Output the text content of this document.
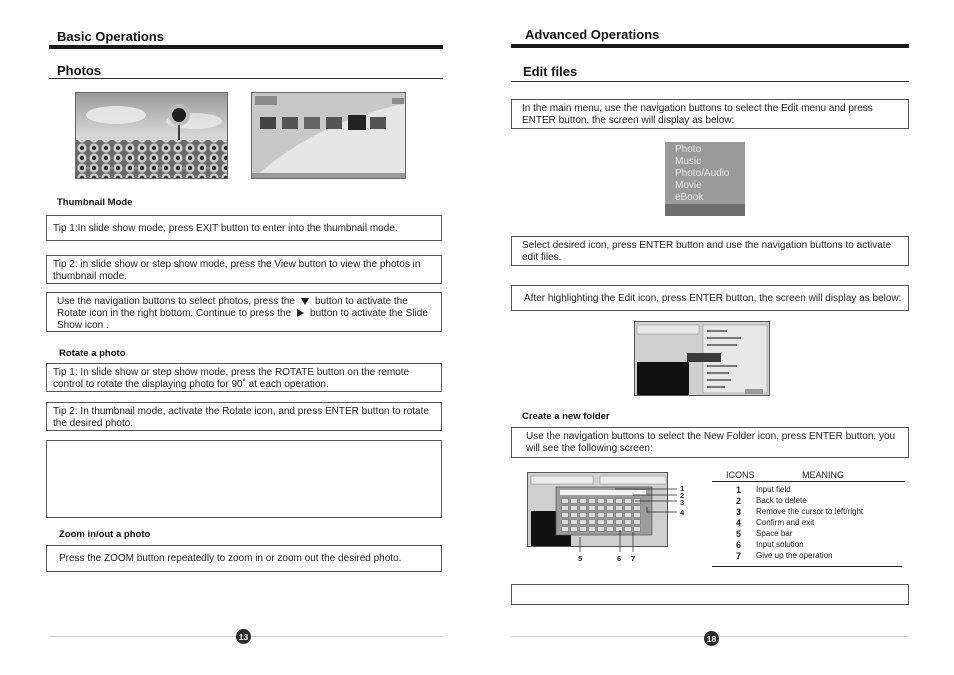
Basic Operations
Photos
Thumbnail Mode
Tip 1:In slide show mode, press EXIT button to enter into the thumbnail mode.
Tip 2: in slide show or step show mode, press the View button to view the photos in thumbnail mode.
Use the navigation buttons to select photos, press the button to activate the Rotate icon in the right bottom. Continue to press the button to activate the Slide Show icon .
Rotate a photo
Tip 1: In slide show or step show mode, press the ROTATE button on the remote control to rotate the displaying photo for 90˚ at each operation.
Tip 2: In thumbnail mode, activate the Rotate icon, and press ENTER button to rotate the desired photo.
Zoom in/out a photo
Press the ZOOM button repeatedly to zoom in or zoom out the desired photo.
13
Advanced Operations
Edit files
In the main menu, use the navigation buttons to select the Edit menu and press ENTER button, the screen will display as below:
Photo
Music
Photo/Audio
Movie
eBook
Edit
Select desired icon, press ENTER button and use the navigation buttons to activate edit files.
After highlighting the Edit icon, press ENTER button, the screen will display as below:
Create a new folder
Use the navigation buttons to select the New Folder icon, press ENTER button, you will see the following screen:
1
2
3
4
5	6 7
ICONS	MEANING
1	Input field
2	Back to delete
3	Remove the cursor to left/right
4	Confirm and exit
5	Space bar
6	Input solution
7	Give up the operation
18
